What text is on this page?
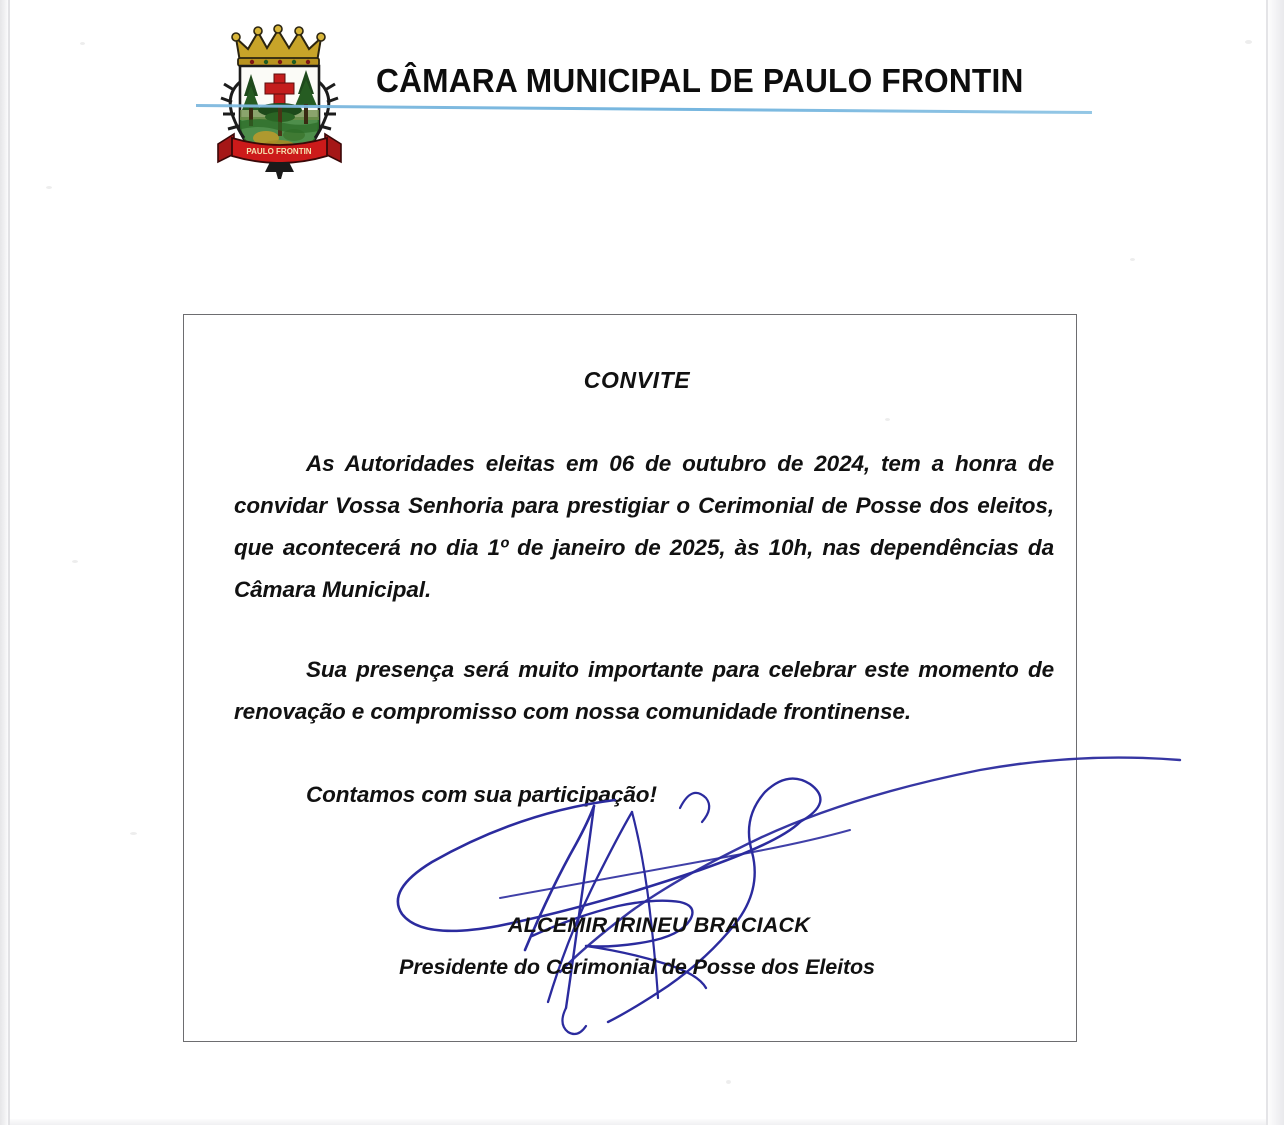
PAULO FRONTIN
CÂMARA MUNICIPAL DE PAULO FRONTIN
CONVITE

As Autoridades eleitas em 06 de outubro de 2024, tem a honra de convidar Vossa Senhoria para prestigiar o Cerimonial de Posse dos eleitos, que acontecerá no dia 1º de janeiro de 2025, às 10h, nas dependências da Câmara Municipal.

Sua presença será muito importante para celebrar este momento de renovação e compromisso com nossa comunidade frontinense.

Contamos com sua participação!

ALCEMIR IRINEU BRACIACK
Presidente do Cerimonial de Posse dos Eleitos
